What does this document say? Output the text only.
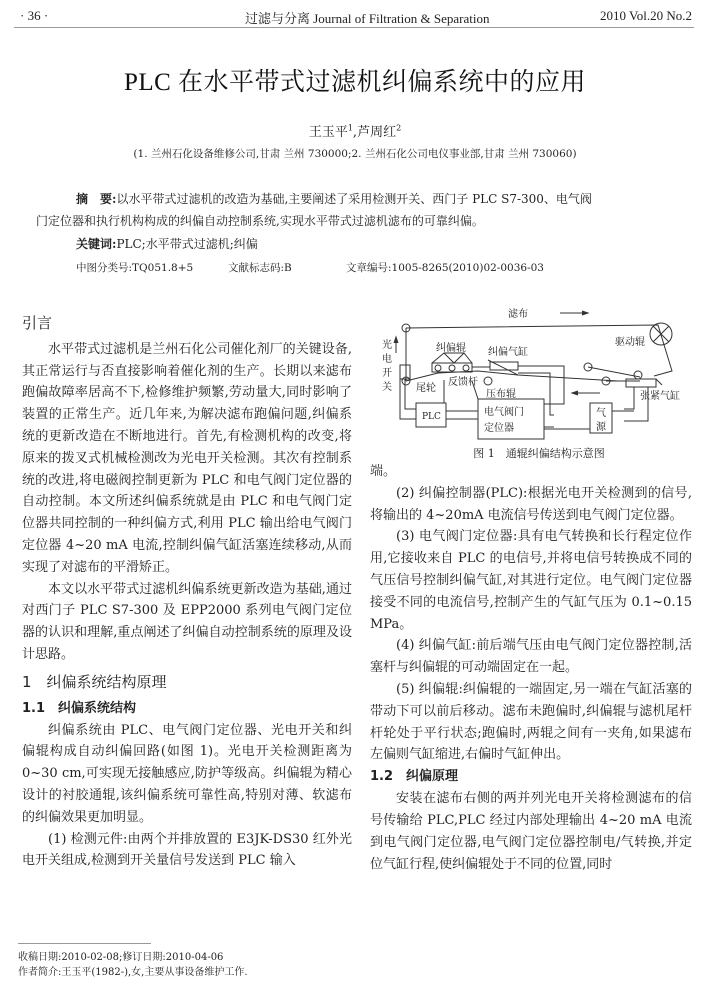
· 36 ·	过滤与分离 Journal of Filtration & Separation	2010 Vol.20 No.2
PLC 在水平带式过滤机纠偏系统中的应用
王玉平$^1$,芦周红$^2$
(1. 兰州石化设备维修公司,甘肃 兰州 730000;2. 兰州石化公司电仪事业部,甘肃 兰州 730060)
摘　要:以水平带式过滤机的改造为基础,主要阐述了采用检测开关、西门子 PLC S7-300、电气阀
门定位器和执行机构构成的纠偏自动控制系统,实现水平带式过滤机滤布的可靠纠偏。
关键词:PLC;水平带式过滤机;纠偏
中图分类号:TQ051.8+5	文献标志码:B	文章编号:1005-8265(2010)02-0036-03
引言

水平带式过滤机是兰州石化公司催化剂厂的关键设备,其正常运行与否直接影响着催化剂的生产。长期以来滤布跑偏故障率居高不下,检修维护频繁,劳动量大,同时影响了装置的正常生产。近几年来,为解决滤布跑偏问题,纠偏系统的更新改造在不断地进行。首先,有检测机构的改变,将原来的拨叉式机械检测改为光电开关检测。其次有控制系统的改进,将电磁阀控制更新为 PLC 和电气阀门定位器的自动控制。本文所述纠偏系统就是由 PLC 和电气阀门定位器共同控制的一种纠偏方式,利用 PLC 输出给电气阀门定位器 4~20 mA 电流,控制纠偏气缸活塞连续移动,从而实现了对滤布的平滑矫正。

本文以水平带式过滤机纠偏系统更新改造为基础,通过对西门子 PLC S7-300 及 EPP2000 系列电气阀门定位器的认识和理解,重点阐述了纠偏自动控制系统的原理及设计思路。

1　纠偏系统结构原理
1.1　纠偏系统结构

纠偏系统由 PLC、电气阀门定位器、光电开关和纠偏辊构成自动纠偏回路(如图 1)。光电开关检测距离为 0~30 cm,可实现无接触感应,防护等级高。纠偏辊为精心设计的衬胶通辊,该纠偏系统可靠性高,特别对薄、软滤布的纠偏效果更加明显。

(1) 检测元件:由两个并排放置的 E3JK-DS30 红外光电开关组成,检测到开关量信号发送到 PLC 输入

滤布
光
电
开
关
纠偏辊 纠偏气缸
驱动辊
尾轮
反馈杆
压布辊	张紧气缸
PLC	电气阀门
定位器
气
源
图 1　通辊纠偏结构示意图

端。

(2) 纠偏控制器(PLC):根据光电开关检测到的信号,将输出的 4~20mA 电流信号传送到电气阀门定位器。

(3) 电气阀门定位器:具有电气转换和长行程定位作用,它接收来自 PLC 的电信号,并将电信号转换成不同的气压信号控制纠偏气缸,对其进行定位。电气阀门定位器接受不同的电流信号,控制产生的气缸气压为 0.1~0.15 MPa。

(4) 纠偏气缸:前后端气压由电气阀门定位器控制,活塞杆与纠偏辊的可动端固定在一起。

(5) 纠偏辊:纠偏辊的一端固定,另一端在气缸活塞的带动下可以前后移动。滤布未跑偏时,纠偏辊与滤机尾杆杆轮处于平行状态;跑偏时,两辊之间有一夹角,如果滤布左偏则气缸缩进,右偏时气缸伸出。

1.2　纠偏原理

安装在滤布右侧的两并列光电开关将检测滤布的信号传输给 PLC,PLC 经过内部处理输出 4~20 mA 电流到电气阀门定位器,电气阀门定位器控制电/气转换,并定位气缸行程,使纠偏辊处于不同的位置,同时

收稿日期:2010-02-08;修订日期:2010-04-06
作者简介:王玉平(1982-),女,主要从事设备维护工作.
